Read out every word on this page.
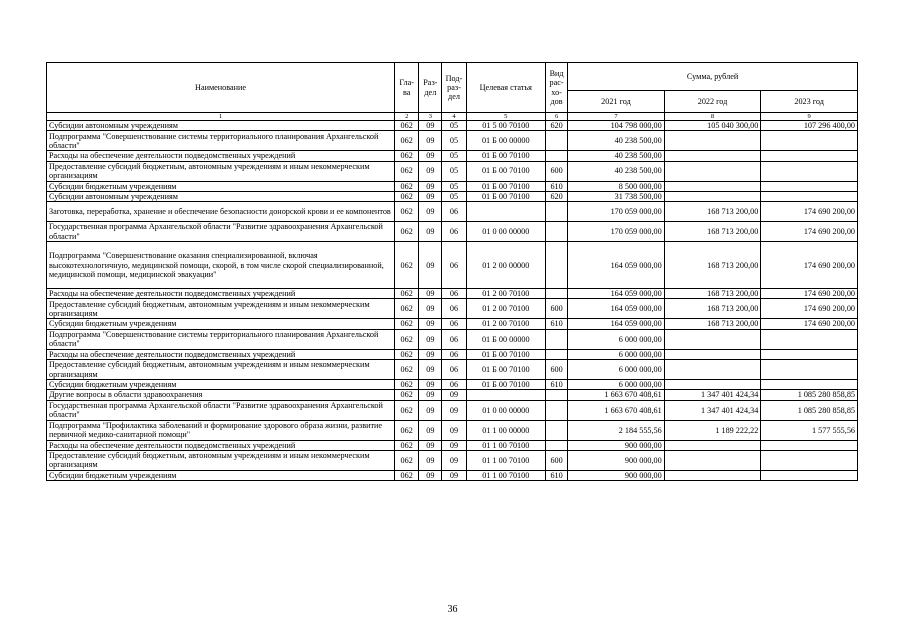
Наименование	Гла-ва	Раз-дел	Под-раз-дел	Целевая статья	Вид рас-хо-дов	Сумма, рублей		
						2021 год	2022 год	2023 год
1	2	3	4	5	6	7	8	9
Субсидии автономным учреждениям	062	09	05	01 5 00 70100	620	104 798 000,00	105 040 300,00	107 296 400,00
Подпрограмма "Совершенствование системы территориального планирования Архангельской области"	062	09	05	01 Б 00 00000		40 238 500,00		
Расходы на обеспечение деятельности подведомственных учреждений	062	09	05	01 Б 00 70100		40 238 500,00		
Предоставление субсидий бюджетным, автономным учреждениям и иным некоммерческим организациям	062	09	05	01 Б 00 70100	600	40 238 500,00		
Субсидии бюджетным учреждениям	062	09	05	01 Б 00 70100	610	8 500 000,00		
Субсидии автономным учреждениям	062	09	05	01 Б 00 70100	620	31 738 500,00		
Заготовка, переработка, хранение и обеспечение безопасности донорской крови и ее компонентов	062	09	06			170 059 000,00	168 713 200,00	174 690 200,00
Государственная программа Архангельской области "Развитие здравоохранения Архангельской области"	062	09	06	01 0 00 00000		170 059 000,00	168 713 200,00	174 690 200,00
Подпрограмма "Совершенствование оказания специализированной, включая высокотехнологичную, медицинской помощи, скорой, в том числе скорой специализированной, медицинской помощи, медицинской эвакуации"	062	09	06	01 2 00 00000		164 059 000,00	168 713 200,00	174 690 200,00
Расходы на обеспечение деятельности подведомственных учреждений	062	09	06	01 2 00 70100		164 059 000,00	168 713 200,00	174 690 200,00
Предоставление субсидий бюджетным, автономным учреждениям и иным некоммерческим организациям	062	09	06	01 2 00 70100	600	164 059 000,00	168 713 200,00	174 690 200,00
Субсидии бюджетным учреждениям	062	09	06	01 2 00 70100	610	164 059 000,00	168 713 200,00	174 690 200,00
Подпрограмма "Совершенствование системы территориального планирования Архангельской области"	062	09	06	01 Б 00 00000		6 000 000,00		
Расходы на обеспечение деятельности подведомственных учреждений	062	09	06	01 Б 00 70100		6 000 000,00		
Предоставление субсидий бюджетным, автономным учреждениям и иным некоммерческим организациям	062	09	06	01 Б 00 70100	600	6 000 000,00		
Субсидии бюджетным учреждениям	062	09	06	01 Б 00 70100	610	6 000 000,00		
Другие вопросы в области здравоохранения	062	09	09			1 663 670 408,61	1 347 401 424,34	1 085 280 858,85
Государственная программа Архангельской области "Развитие здравоохранения Архангельской области"	062	09	09	01 0 00 00000		1 663 670 408,61	1 347 401 424,34	1 085 280 858,85
Подпрограмма "Профилактика заболеваний и формирование здорового образа жизни, развитие первичной медико-санитарной помощи"	062	09	09	01 1 00 00000		2 184 555,56	1 189 222,22	1 577 555,56
Расходы на обеспечение деятельности подведомственных учреждений	062	09	09	01 1 00 70100		900 000,00		
Предоставление субсидий бюджетным, автономным учреждениям и иным некоммерческим организациям	062	09	09	01 1 00 70100	600	900 000,00		
Субсидии бюджетным учреждениям	062	09	09	01 1 00 70100	610	900 000,00		
36
